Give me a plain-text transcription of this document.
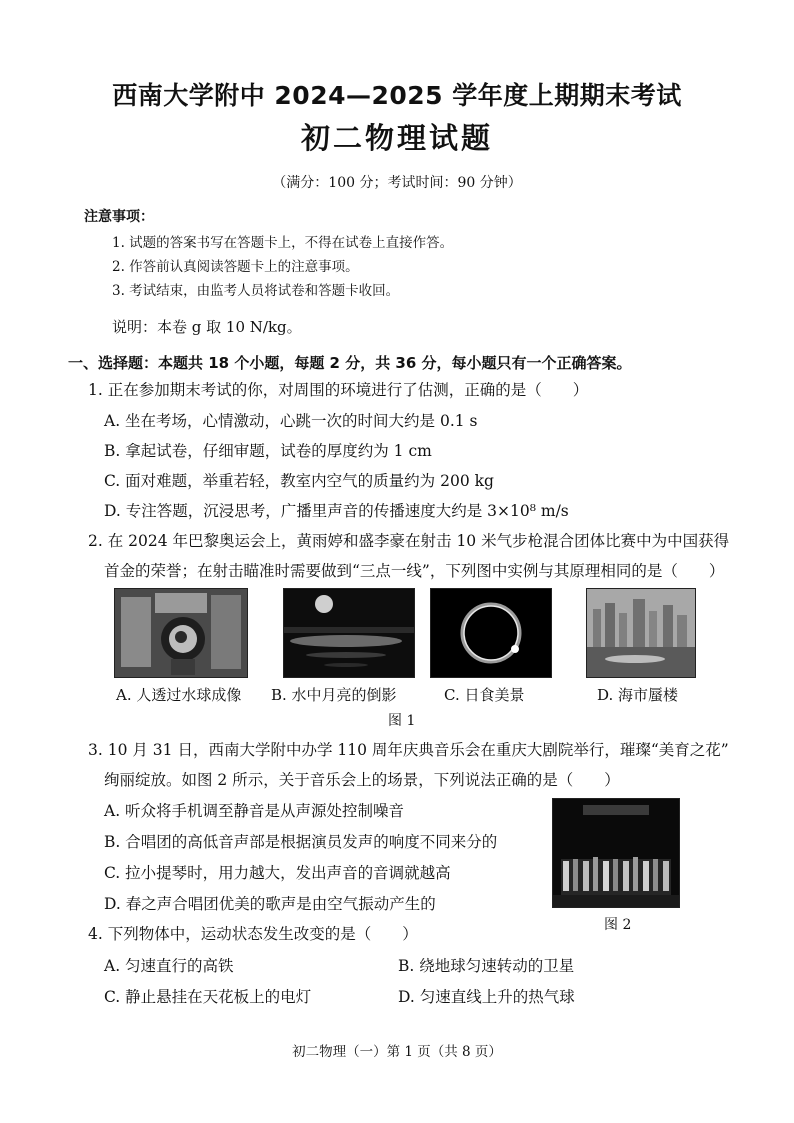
西南大学附中 2024—2025 学年度上期期末考试
初二物理试题
（满分：100 分；考试时间：90 分钟）
注意事项：
1. 试题的答案书写在答题卡上，不得在试卷上直接作答。
2. 作答前认真阅读答题卡上的注意事项。
3. 考试结束，由监考人员将试卷和答题卡收回。
说明：本卷 g 取 10 N/kg。
一、选择题：本题共 18 个小题，每题 2 分，共 36 分，每小题只有一个正确答案。
1. 正在参加期末考试的你，对周围的环境进行了估测，正确的是（　　）
A. 坐在考场，心情激动，心跳一次的时间大约是 0.1 s
B. 拿起试卷，仔细审题，试卷的厚度约为 1 cm
C. 面对难题，举重若轻，教室内空气的质量约为 200 kg
D. 专注答题，沉浸思考，广播里声音的传播速度大约是 3×10⁸ m/s
2. 在 2024 年巴黎奥运会上，黄雨婷和盛李豪在射击 10 米气步枪混合团体比赛中为中国获得
首金的荣誉；在射击瞄准时需要做到“三点一线”，下列图中实例与其原理相同的是（　　）
A. 人透过水球成像 B. 水中月亮的倒影	C. 日食美景	D. 海市蜃楼
图 1
3. 10 月 31 日，西南大学附中办学 110 周年庆典音乐会在重庆大剧院举行，璀璨“美育之花”
绚丽绽放。如图 2 所示，关于音乐会上的场景，下列说法正确的是（　　）
A. 听众将手机调至静音是从声源处控制噪音
B. 合唱团的高低音声部是根据演员发声的响度不同来分的
C. 拉小提琴时，用力越大，发出声音的音调就越高
D. 春之声合唱团优美的歌声是由空气振动产生的
图 2
4. 下列物体中，运动状态发生改变的是（　　）
A. 匀速直行的高铁	B. 绕地球匀速转动的卫星
C. 静止悬挂在天花板上的电灯	D. 匀速直线上升的热气球
初二物理（一）第 1 页（共 8 页）
